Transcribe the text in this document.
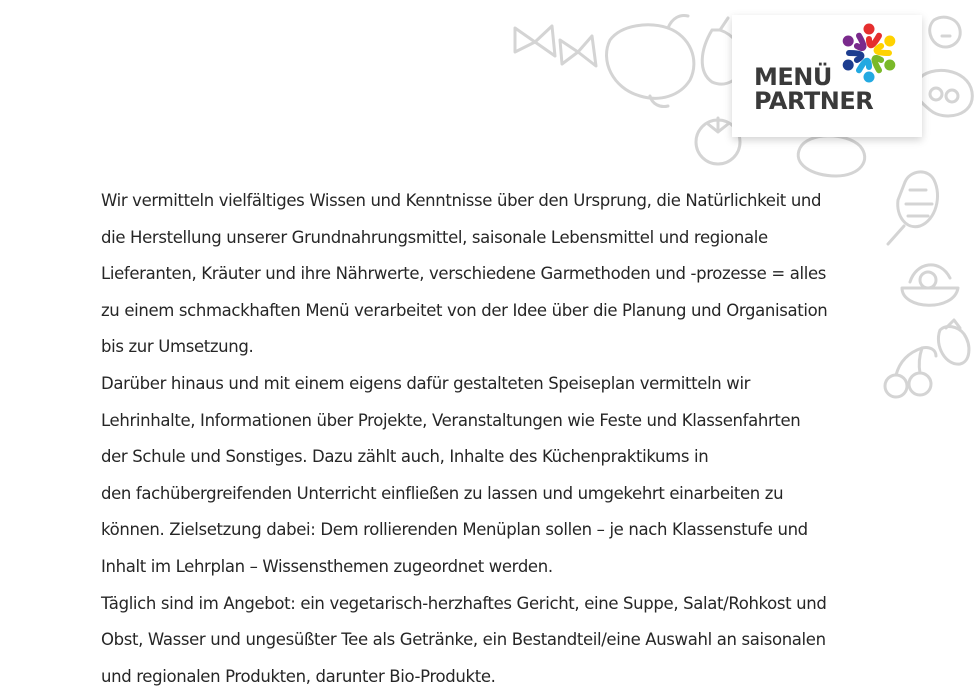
MENÜ
PARTNER
Wir vermitteln vielfältiges Wissen und Kenntnisse über den Ursprung, die Natürlichkeit und
die Herstellung unserer Grundnahrungsmittel, saisonale Lebensmittel und regionale
Lieferanten, Kräuter und ihre Nährwerte, verschiedene Garmethoden und -prozesse = alles
zu einem schmackhaften Menü verarbeitet von der Idee über die Planung und Organisation
bis zur Umsetzung.
Darüber hinaus und mit einem eigens dafür gestalteten Speiseplan vermitteln wir
Lehrinhalte, Informationen über Projekte, Veranstaltungen wie Feste und Klassenfahrten
der Schule und Sonstiges. Dazu zählt auch, Inhalte des Küchenpraktikums in
den fachübergreifenden Unterricht einfließen zu lassen und umgekehrt einarbeiten zu
können. Zielsetzung dabei: Dem rollierenden Menüplan sollen – je nach Klassenstufe und
Inhalt im Lehrplan – Wissensthemen zugeordnet werden.
Täglich sind im Angebot: ein vegetarisch-herzhaftes Gericht, eine Suppe, Salat/Rohkost und
Obst, Wasser und ungesüßter Tee als Getränke, ein Bestandteil/eine Auswahl an saisonalen
und regionalen Produkten, darunter Bio-Produkte.
